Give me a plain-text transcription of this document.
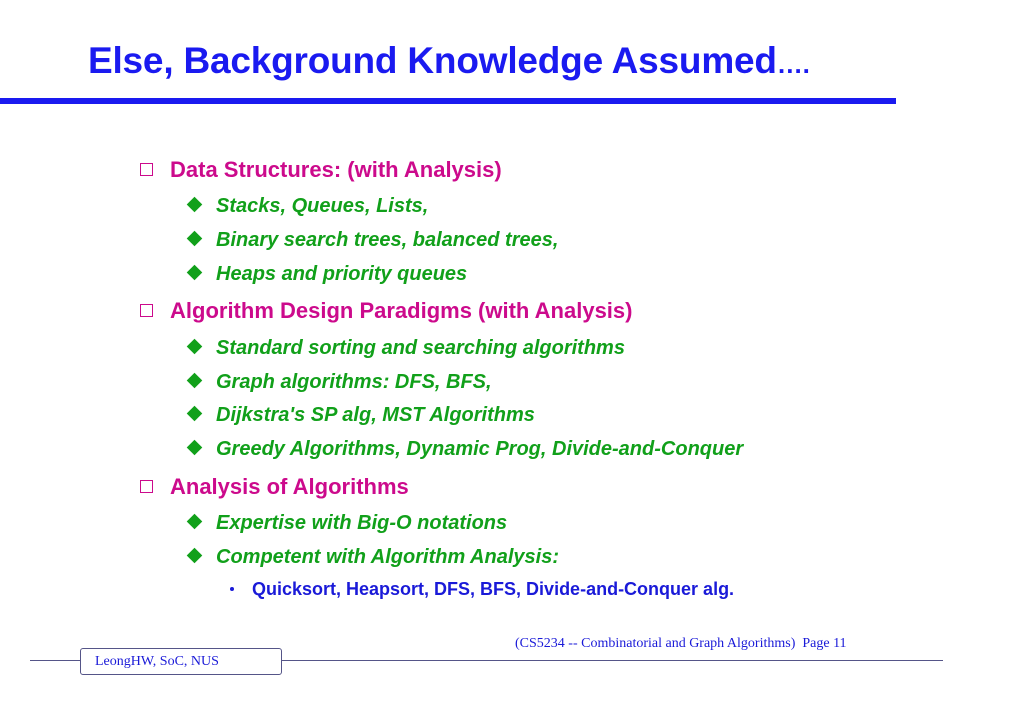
Else, Background Knowledge Assumed….
Data Structures: (with Analysis)
Stacks, Queues, Lists,
Binary search trees, balanced trees,
Heaps and priority queues
Algorithm Design Paradigms (with Analysis)
Standard sorting and searching algorithms
Graph algorithms: DFS, BFS,
Dijkstra's SP alg, MST Algorithms
Greedy Algorithms, Dynamic Prog, Divide-and-Conquer
Analysis of Algorithms
Expertise with Big-O notations
Competent with Algorithm Analysis:
Quicksort, Heapsort, DFS, BFS, Divide-and-Conquer alg.
(CS5234 -- Combinatorial and Graph Algorithms) Page 11
LeongHW, SoC, NUS
